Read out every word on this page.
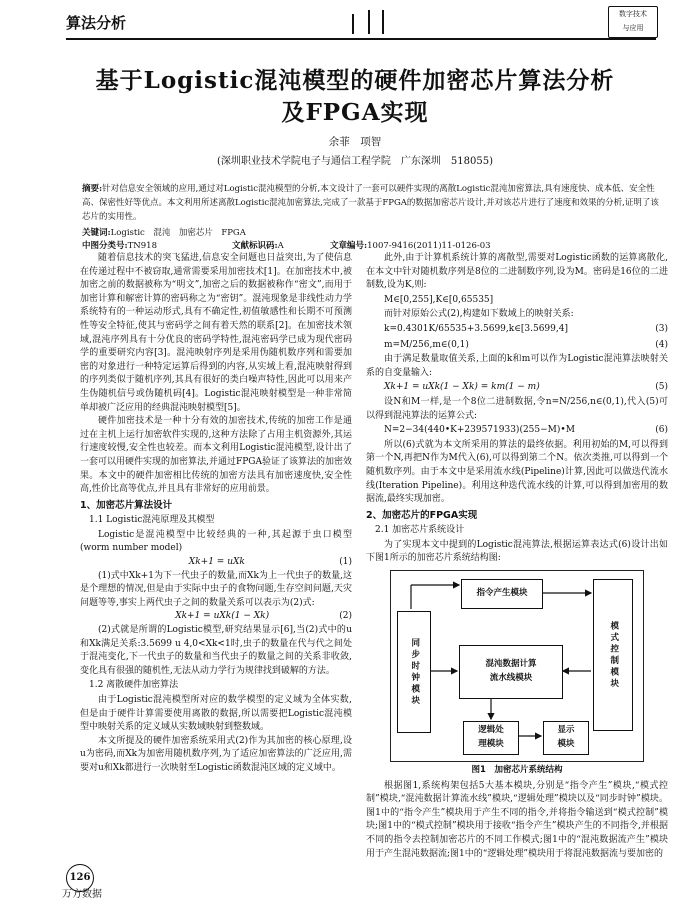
算法分析	数字技术
与应用
基于Logistic混沌模型的硬件加密芯片算法分析
及FPGA实现
余菲　项智
(深圳职业技术学院电子与通信工程学院　广东深圳　518055)
摘要:针对信息安全领域的应用,通过对Logistic混沌模型的分析,本文设计了一套可以硬件实现的离散Logistic混沌加密算法,具有速度快、成本低、安全性高、保密性好等优点。本文利用所述离散Logistic混沌加密算法,完成了一款基于FPGA的数据加密芯片设计,并对该芯片进行了速度和效果的分析,证明了该芯片的实用性。
关键词:Logistic　混沌　加密芯片　FPGA
中图分类号:TN918	文献标识码:A	文章编号:1007-9416(2011)11-0126-03

随着信息技术的突飞猛进,信息安全问题也日益突出,为了使信息在传递过程中不被窃取,通常需要采用加密技术[1]。在加密技术中,被加密之前的数据被称为“明文”,加密之后的数据被称作“密文”,而用于加密计算和解密计算的密码称之为“密钥”。混沌现象是非线性动力学系统特有的一种运动形式,具有不确定性,初值敏感性和长期不可预测性等安全特征,使其与密码学之间有着天然的联系[2]。在加密技术领域,混沌序列具有十分优良的密码学特性,混沌密码学已成为现代密码学的重要研究内容[3]。混沌映射序列是采用伪随机数序列和需要加密的对象进行一种特定运算后得到的内容,从实域上看,混沌映射得到的序列类似于随机序列,其具有很好的类白噪声特性,因此可以用来产生伪随机信号或伪随机码[4]。Logistic混沌映射模型是一种非常简单却被广泛应用的经典混沌映射模型[5]。

硬件加密技术是一种十分有效的加密技术,传统的加密工作是通过在主机上运行加密软件实现的,这种方法除了占用主机资源外,其运行速度较慢,安全性也较差。而本文利用Logistic混沌模型,设计出了一套可以用硬件实现的加密算法,并通过FPGA验证了该算法的加密效果。本文中的硬件加密相比传统的加密方法具有加密速度快,安全性高,性价比高等优点,并且具有非常好的应用前景。

1、加密芯片算法设计
1.1 Logistic混沌原理及其模型

Logistic是混沌模型中比较经典的一种,其起源于虫口模型(worm number model)

Xk+1 = uXk	(1)

(1)式中Xk+1为下一代虫子的数量,而Xk为上一代虫子的数量,这是个理想的情况,但是由于实际中虫子的食物问题,生存空间问题,天灾问题等等,事实上两代虫子之间的数量关系可以表示为(2)式:

Xk+1 = uXk(1 − Xk)	(2)

(2)式就是所谓的Logistic模型,研究结果显示[6],当(2)式中的u和Xk满足关系:3.5699 u 4,0<Xk<1时,虫子的数量在代与代之间处于混沌变化,下一代虫子的数量和当代虫子的数量之间的关系非收敛,变化具有很强的随机性,无法从动力学行为规律找到破解的方法。

1.2 离散硬件加密算法

由于Logistic混沌模型所对应的数学模型的定义域为全体实数,但是由于硬件计算需要使用离散的数据,所以需要把Logistic混沌模型中映射关系的定义域从实数域映射到整数域。

本文所提及的硬件加密系统采用式(2)作为其加密的核心原理,设u为密码,而Xk为加密用随机数序列,为了适应加密算法的广泛应用,需要对u和Xk都进行一次映射至Logistic函数混沌区域的定义域中。

此外,由于计算机系统计算的离散型,需要对Logistic函数的运算离散化,在本文中针对随机数序列是8位的二进制数序列,设为M。密码是16位的二进制数,设为K,则:

M∈[0,255],K∈[0,65535]

而针对原始公式(2),构建如下数域上的映射关系:

k=0.4301K/65535+3.5699,k∈[3.5699,4]	(3)
m=M/256,m∈(0,1)	(4)

由于满足数量取值关系,上面的k和m可以作为Logistic混沌算法映射关系的自变量输入:

Xk+1 = uXk(1 − Xk) = km(1 − m)	(5)

设N和M一样,是一个8位二进制数据,令n=N/256,n∈(0,1),代入(5)可以得到混沌算法的运算公式:

N=2−34(440•K+239571933)(255−M)•M	(6)

所以(6)式就为本文所采用的算法的最终依据。利用初始的M,可以得到第一个N,再把N作为M代入(6),可以得到第二个N。依次类推,可以得到一个随机数序列。由于本文中是采用流水线(Pipeline)计算,因此可以做迭代流水线(Iteration Pipeline)。利用这种迭代流水线的计算,可以得到加密用的数据流,最终实现加密。

2、加密芯片的FPGA实现
2.1 加密芯片系统设计

为了实现本文中提到的Logistic混沌算法,根据运算表达式(6)设计出如下图1所示的加密芯片系统结构图:

指令产生模块
同步时钟模块	模式控制模块
混沌数据计算
流水线模块
逻辑处
理模块
显示
模块
图1　加密芯片系统结构

根据图1,系统构架包括5大基本模块,分别是“指令产生”模块,“模式控制”模块,“混沌数据计算流水线”模块,“逻辑处理”模块以及“同步时钟”模块。图1中的“指令产生”模块用于产生不同的指令,并将指令输送到“模式控制”模块;图1中的“模式控制”模块用于接收“指令产生”模块产生的不同指令,并根据不同的指令去控制加密芯片的不同工作模式;图1中的“混沌数据流产生”模块用于产生混沌数据流;图1中的“逻辑处理”模块用于将混沌数据流与要加密的

126
万方数据
